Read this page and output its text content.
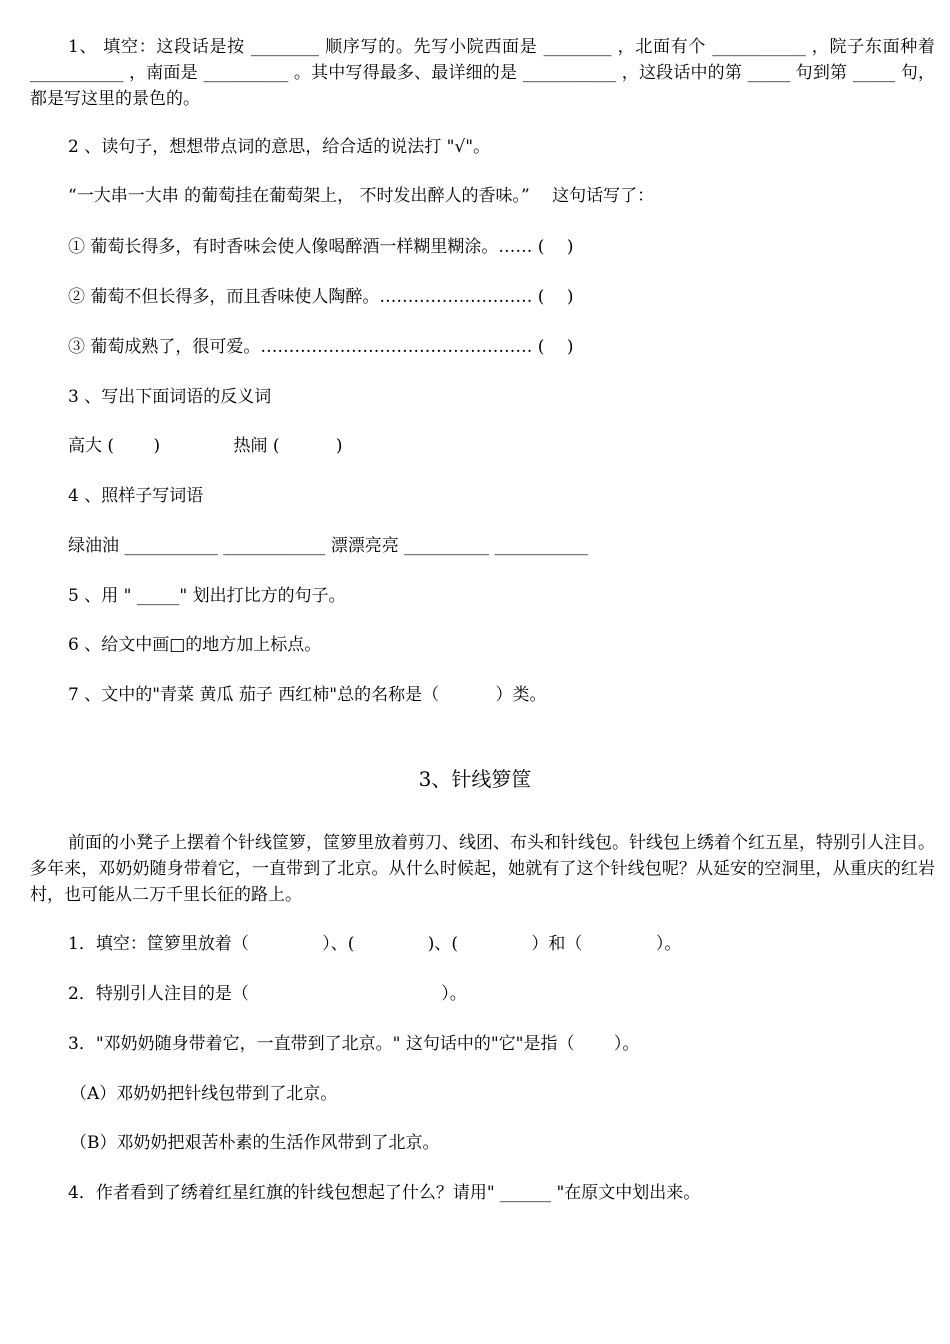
1、 填空：这段话是按 ________ 顺序写的。先写小院西面是 ________ ，北面有个 ___________ ，院子东面种着 ___________ ，南面是 __________ 。其中写得最多、最详细的是 ___________ ，这段话中的第 _____ 句到第 _____ 句，都是写这里的景色的。
2 、读句子，想想带点词的意思，给合适的说法打 "√"。
“一大串一大串 的葡萄挂在葡萄架上， 不时发出醉人的香味。”　 这句话写了：
① 葡萄长得多，有时香味会使人像喝醉酒一样糊里糊涂。…… (　 )
② 葡萄不但长得多，而且香味使人陶醉。……………………… (　 )
③ 葡萄成熟了，很可爱。………………………………………… (　 )
3 、写出下面词语的反义词
高大 (　　 )　　　　 热闹 (　　　 )
4 、照样子写词语
绿油油 ___________ ____________ 漂漂亮亮 __________ ___________
5 、用 " _____" 划出打比方的句子。
6 、给文中画□的地方加上标点。
7 、文中的"青菜 黄瓜 茄子 西红柿"总的名称是（　　　 ）类。
3、针线箩筐
前面的小凳子上摆着个针线筐箩，筐箩里放着剪刀、线团、布头和针线包。针线包上绣着个红五星，特别引人注目。多年来，邓奶奶随身带着它，一直带到了北京。从什么时候起，她就有了这个针线包呢？从延安的空洞里，从重庆的红岩村，也可能从二万千里长征的路上。
1．填空：筐箩里放着（　　　　 ）、(　　　　 )、(　　　　 ）和（　　　　 ）。
2．特别引人注目的是（　　　　　　　　　　　 ）。
3．"邓奶奶随身带着它，一直带到了北京。" 这句话中的"它"是指（　　 ）。
（A）邓奶奶把针线包带到了北京。
（B）邓奶奶把艰苦朴素的生活作风带到了北京。
4．作者看到了绣着红星红旗的针线包想起了什么？请用" ______ "在原文中划出来。
